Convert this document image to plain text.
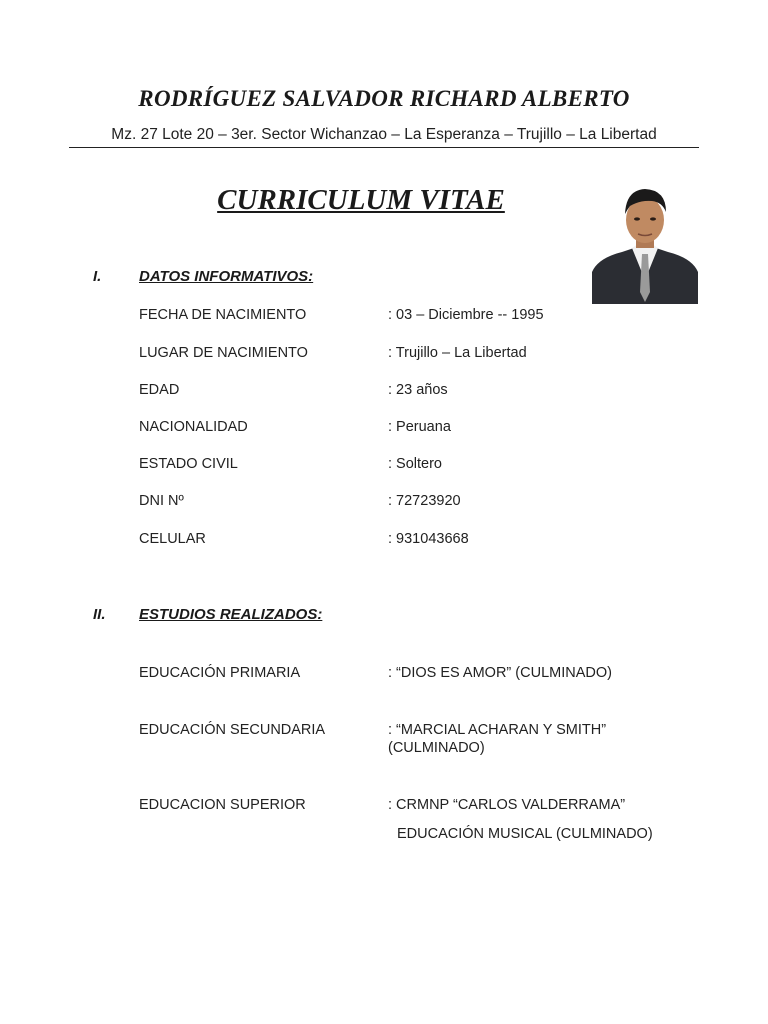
RODRÍGUEZ SALVADOR RICHARD ALBERTO
Mz. 27 Lote 20 – 3er. Sector Wichanzao – La Esperanza – Trujillo – La Libertad
CURRICULUM VITAE
I.	DATOS INFORMATIVOS:
FECHA DE NACIMIENTO	: 03 – Diciembre -- 1995
LUGAR DE NACIMIENTO	: Trujillo – La Libertad
EDAD	: 23 años
NACIONALIDAD	: Peruana
ESTADO CIVIL	: Soltero
DNI Nº	: 72723920
CELULAR	: 931043668
II. ESTUDIOS REALIZADOS:
EDUCACIÓN PRIMARIA	: “DIOS ES AMOR” (CULMINADO)
EDUCACIÓN SECUNDARIA	: “MARCIAL ACHARAN Y SMITH”
(CULMINADO)
EDUCACION SUPERIOR	: CRMNP “CARLOS VALDERRAMA”
EDUCACIÓN MUSICAL (CULMINADO)
